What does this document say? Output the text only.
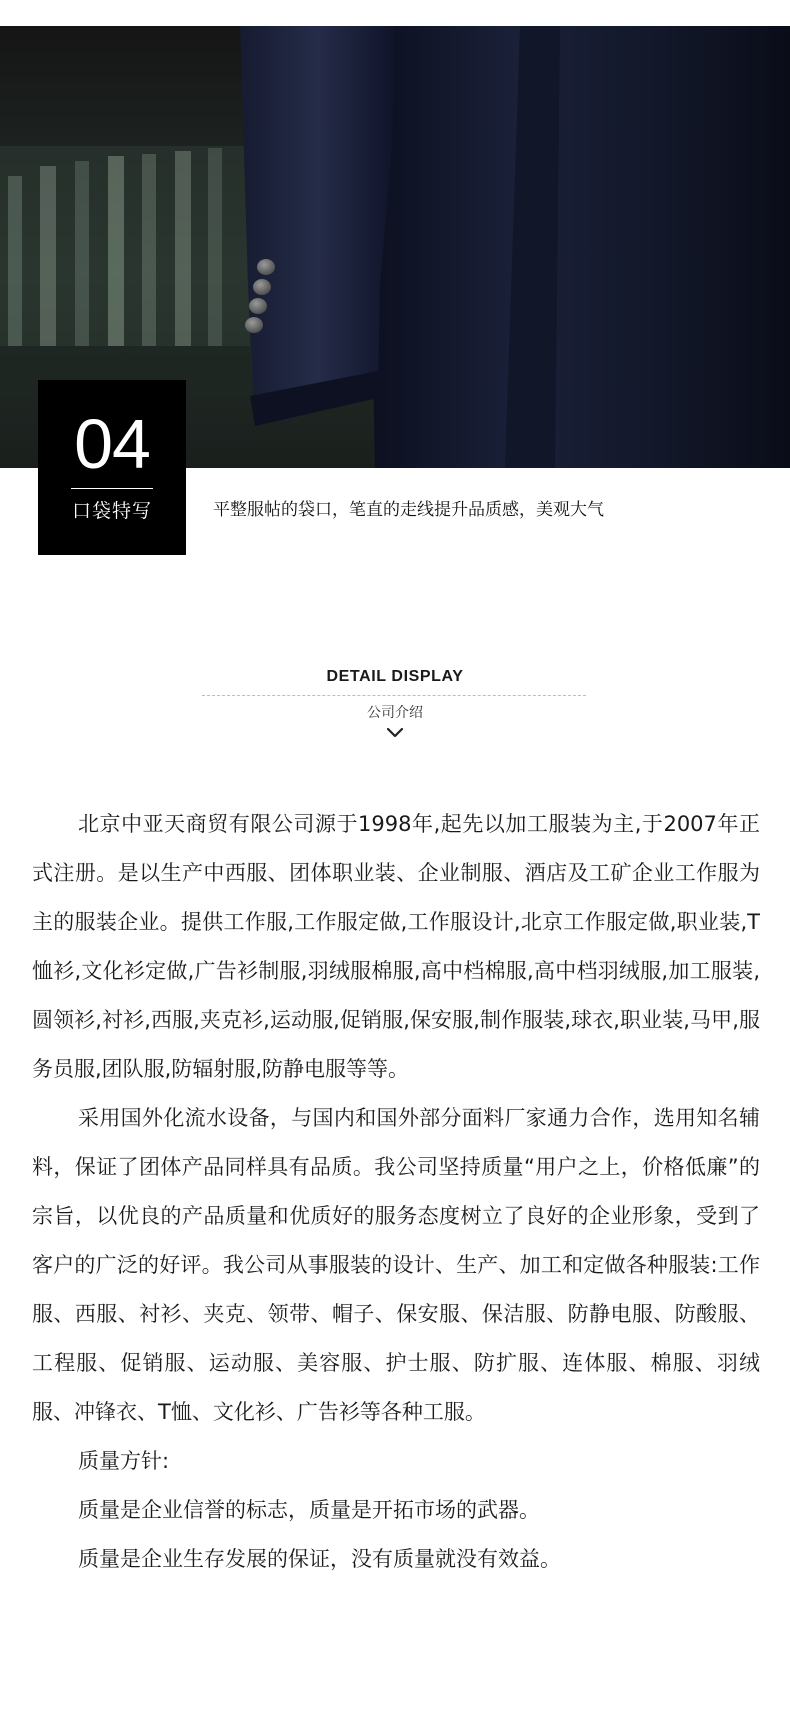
04
口袋特写	平整服帖的袋口，笔直的走线提升品质感，美观大气
DETAIL DISPLAY
公司介绍

北京中亚天商贸有限公司源于1998年,起先以加工服装为主,于2007年正式注册。是以生产中西服、团体职业装、企业制服、酒店及工矿企业工作服为主的服装企业。提供工作服,工作服定做,工作服设计,北京工作服定做,职业装,T恤衫,文化衫定做,广告衫制服,羽绒服棉服,高中档棉服,高中档羽绒服,加工服装,圆领衫,衬衫,西服,夹克衫,运动服,促销服,保安服,制作服装,球衣,职业装,马甲,服务员服,团队服,防辐射服,防静电服等等。

采用国外化流水设备，与国内和国外部分面料厂家通力合作，选用知名辅料，保证了团体产品同样具有品质。我公司坚持质量“用户之上，价格低廉”的宗旨，以优良的产品质量和优质好的服务态度树立了良好的企业形象，受到了客户的广泛的好评。我公司从事服装的设计、生产、加工和定做各种服装:工作服、西服、衬衫、夹克、领带、帽子、保安服、保洁服、防静电服、防酸服、工程服、促销服、运动服、美容服、护士服、防扩服、连体服、棉服、羽绒服、冲锋衣、T恤、文化衫、广告衫等各种工服。

质量方针:

质量是企业信誉的标志，质量是开拓市场的武器。

质量是企业生存发展的保证，没有质量就没有效益。
